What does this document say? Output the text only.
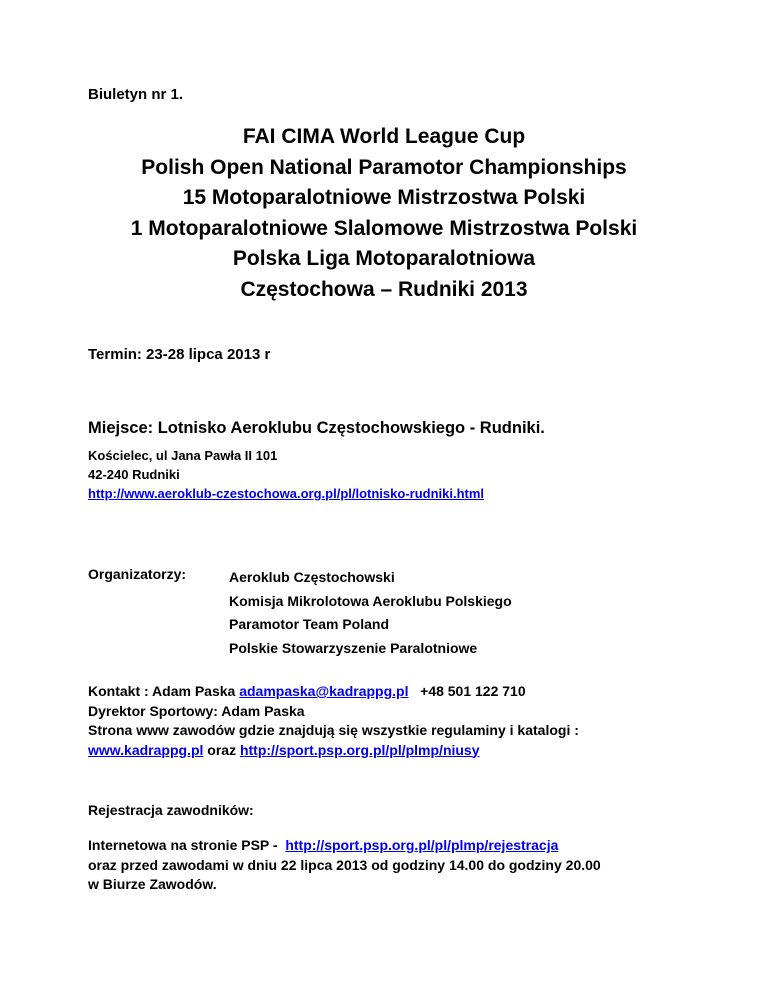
Biuletyn nr 1.
FAI CIMA World League Cup
Polish Open National Paramotor Championships
15 Motoparalotniowe Mistrzostwa Polski
1 Motoparalotniowe Slalomowe Mistrzostwa Polski
Polska Liga Motoparalotniowa
Częstochowa – Rudniki 2013
Termin: 23-28 lipca 2013 r
Miejsce: Lotnisko Aeroklubu Częstochowskiego - Rudniki.
Kościelec, ul Jana Pawła II 101
42-240 Rudniki
http://www.aeroklub-czestochowa.org.pl/pl/lotnisko-rudniki.html
Organizatorzy:	Aeroklub Częstochowski
Komisja Mikrolotowa Aeroklubu Polskiego
Paramotor Team Poland
Polskie Stowarzyszenie Paralotniowe
Kontakt : Adam Paska adampaska@kadrappg.pl   +48 501 122 710
Dyrektor Sportowy: Adam Paska
Strona www zawodów gdzie znajdują się wszystkie regulaminy i katalogi :
www.kadrappg.pl oraz http://sport.psp.org.pl/pl/plmp/niusy
Rejestracja zawodników:
Internetowa na stronie PSP -  http://sport.psp.org.pl/pl/plmp/rejestracja
oraz przed zawodami w dniu 22 lipca 2013 od godziny 14.00 do godziny 20.00
w Biurze Zawodów.
